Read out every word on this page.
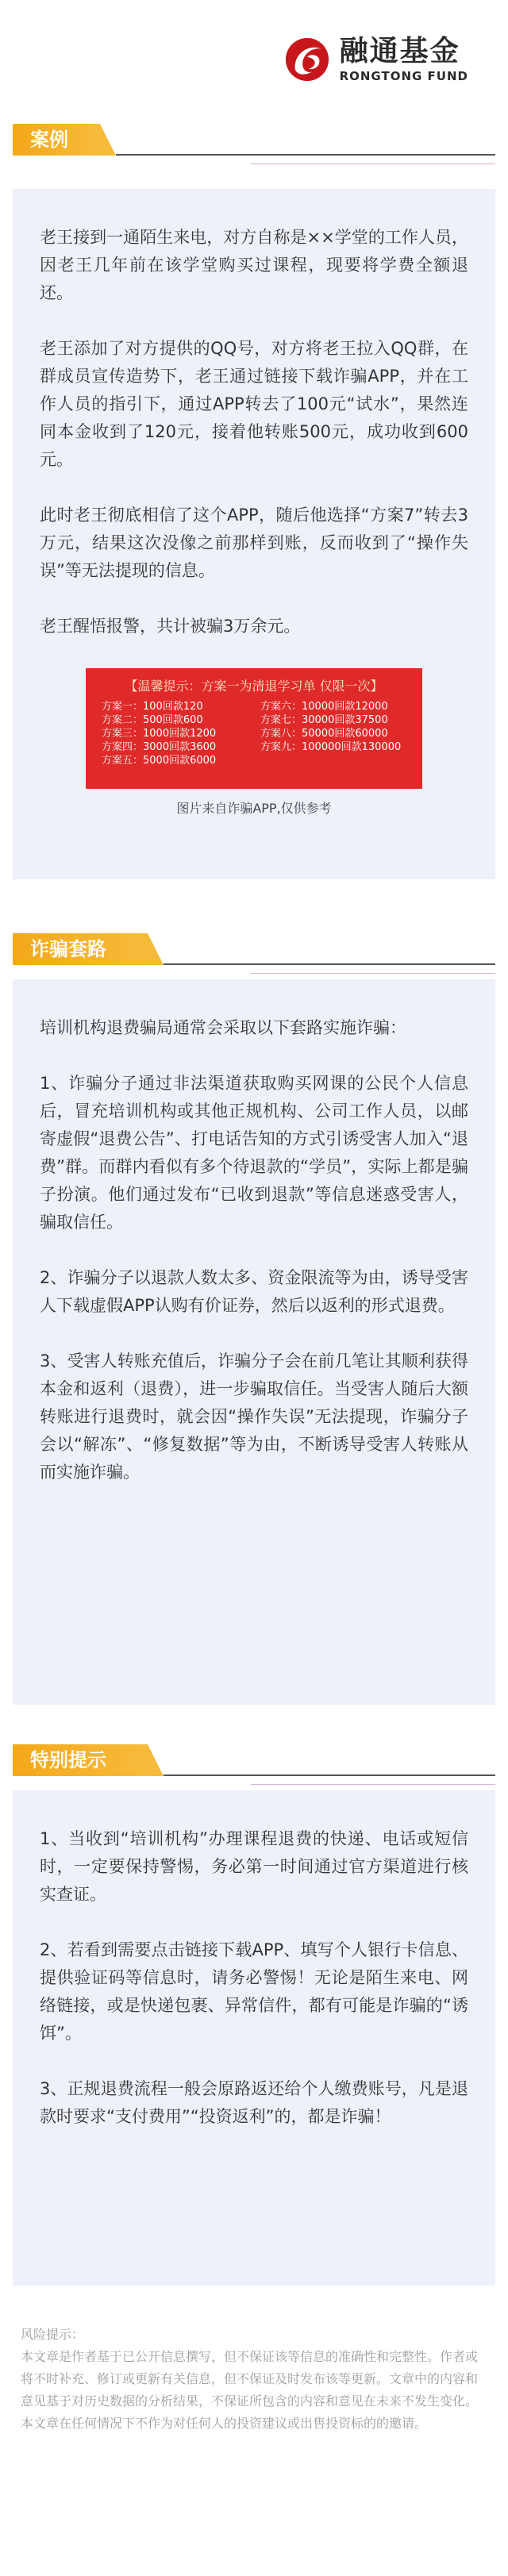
融通基金
RONGTONG FUND
案例

老王接到一通陌生来电，对方自称是××学堂的工作人员，因老王几年前在该学堂购买过课程，现要将学费全额退还。

老王添加了对方提供的QQ号，对方将老王拉入QQ群，在群成员宣传造势下，老王通过链接下载诈骗APP，并在工作人员的指引下，通过APP转去了100元“试水”，果然连同本金收到了120元，接着他转账500元，成功收到600元。

此时老王彻底相信了这个APP，随后他选择“方案7”转去3万元，结果这次没像之前那样到账，反而收到了“操作失误”等无法提现的信息。

老王醒悟报警，共计被骗3万余元。

【温馨提示：方案一为清退学习单 仅限一次】
方案一：100回款120	方案六：10000回款12000
方案二：500回款600	方案七：30000回款37500
方案三：1000回款1200	方案八：50000回款60000
方案四：3000回款3600	方案九：100000回款130000
方案五：5000回款6000
图片来自诈骗APP,仅供参考
诈骗套路

培训机构退费骗局通常会采取以下套路实施诈骗：

1、诈骗分子通过非法渠道获取购买网课的公民个人信息后，冒充培训机构或其他正规机构、公司工作人员，以邮寄虚假“退费公告”、打电话告知的方式引诱受害人加入“退费”群。而群内看似有多个待退款的“学员”，实际上都是骗子扮演。他们通过发布“已收到退款”等信息迷惑受害人，骗取信任。

2、诈骗分子以退款人数太多、资金限流等为由，诱导受害人下载虚假APP认购有价证券，然后以返利的形式退费。

3、受害人转账充值后，诈骗分子会在前几笔让其顺利获得本金和返利（退费），进一步骗取信任。当受害人随后大额转账进行退费时，就会因“操作失误”无法提现，诈骗分子会以“解冻”、“修复数据”等为由，不断诱导受害人转账从而实施诈骗。

特别提示

1、当收到“培训机构”办理课程退费的快递、电话或短信时，一定要保持警惕，务必第一时间通过官方渠道进行核实查证。

2、若看到需要点击链接下载APP、填写个人银行卡信息、提供验证码等信息时，请务必警惕！无论是陌生来电、网络链接，或是快递包裹、异常信件，都有可能是诈骗的“诱饵”。

3、正规退费流程一般会原路返还给个人缴费账号，凡是退款时要求“支付费用”“投资返利”的，都是诈骗！

风险提示：

本文章是作者基于已公开信息撰写，但不保证该等信息的准确性和完整性。作者或将不时补充、修订或更新有关信息，但不保证及时发布该等更新。文章中的内容和意见基于对历史数据的分析结果，不保证所包含的内容和意见在未来不发生变化。本文章在任何情况下不作为对任何人的投资建议或出售投资标的的邀请。
